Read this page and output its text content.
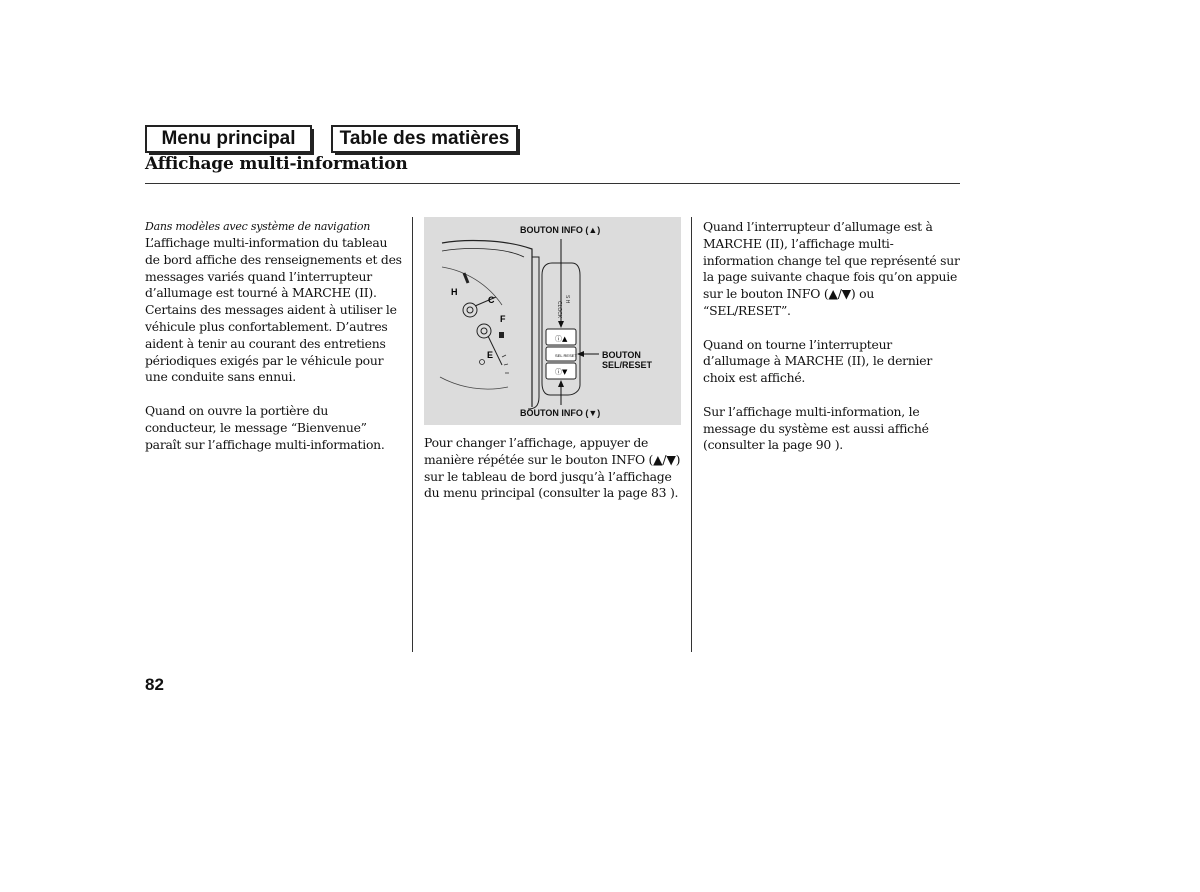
Menu principal	Table des matières
Affichage multi-information
Dans modèles avec système de navigation

L’affichage multi-information du tableau de bord affiche des renseignements et des messages variés quand l’interrupteur d’allumage est tourné à MARCHE (II). Certains des messages aident à utiliser le véhicule plus confortablement. D’autres aident à tenir au courant des entretiens périodiques exigés par le véhicule pour une conduite sans ennui.

Quand on ouvre la portière du conducteur, le message “Bienvenue” paraît sur l’affichage multi-information.

H
C
F
E
CLOCK
S H
ⓘ▲
SEL RESET
ⓘ▼
BOUTON INFO (▲)
BOUTON
SEL/RESET
BOUTON INFO (▼)

Pour changer l’affichage, appuyer de manière répétée sur le bouton INFO (▲/▼) sur le tableau de bord jusqu’à l’affichage du menu principal (consulter la page 83 ).

Quand l’interrupteur d’allumage est à MARCHE (II), l’affichage multi-information change tel que représenté sur la page suivante chaque fois qu’on appuie sur le bouton INFO (▲/▼) ou “SEL/RESET”.

Quand on tourne l’interrupteur d’allumage à MARCHE (II), le dernier choix est affiché.

Sur l’affichage multi-information, le message du système est aussi affiché (consulter la page 90 ).

82
